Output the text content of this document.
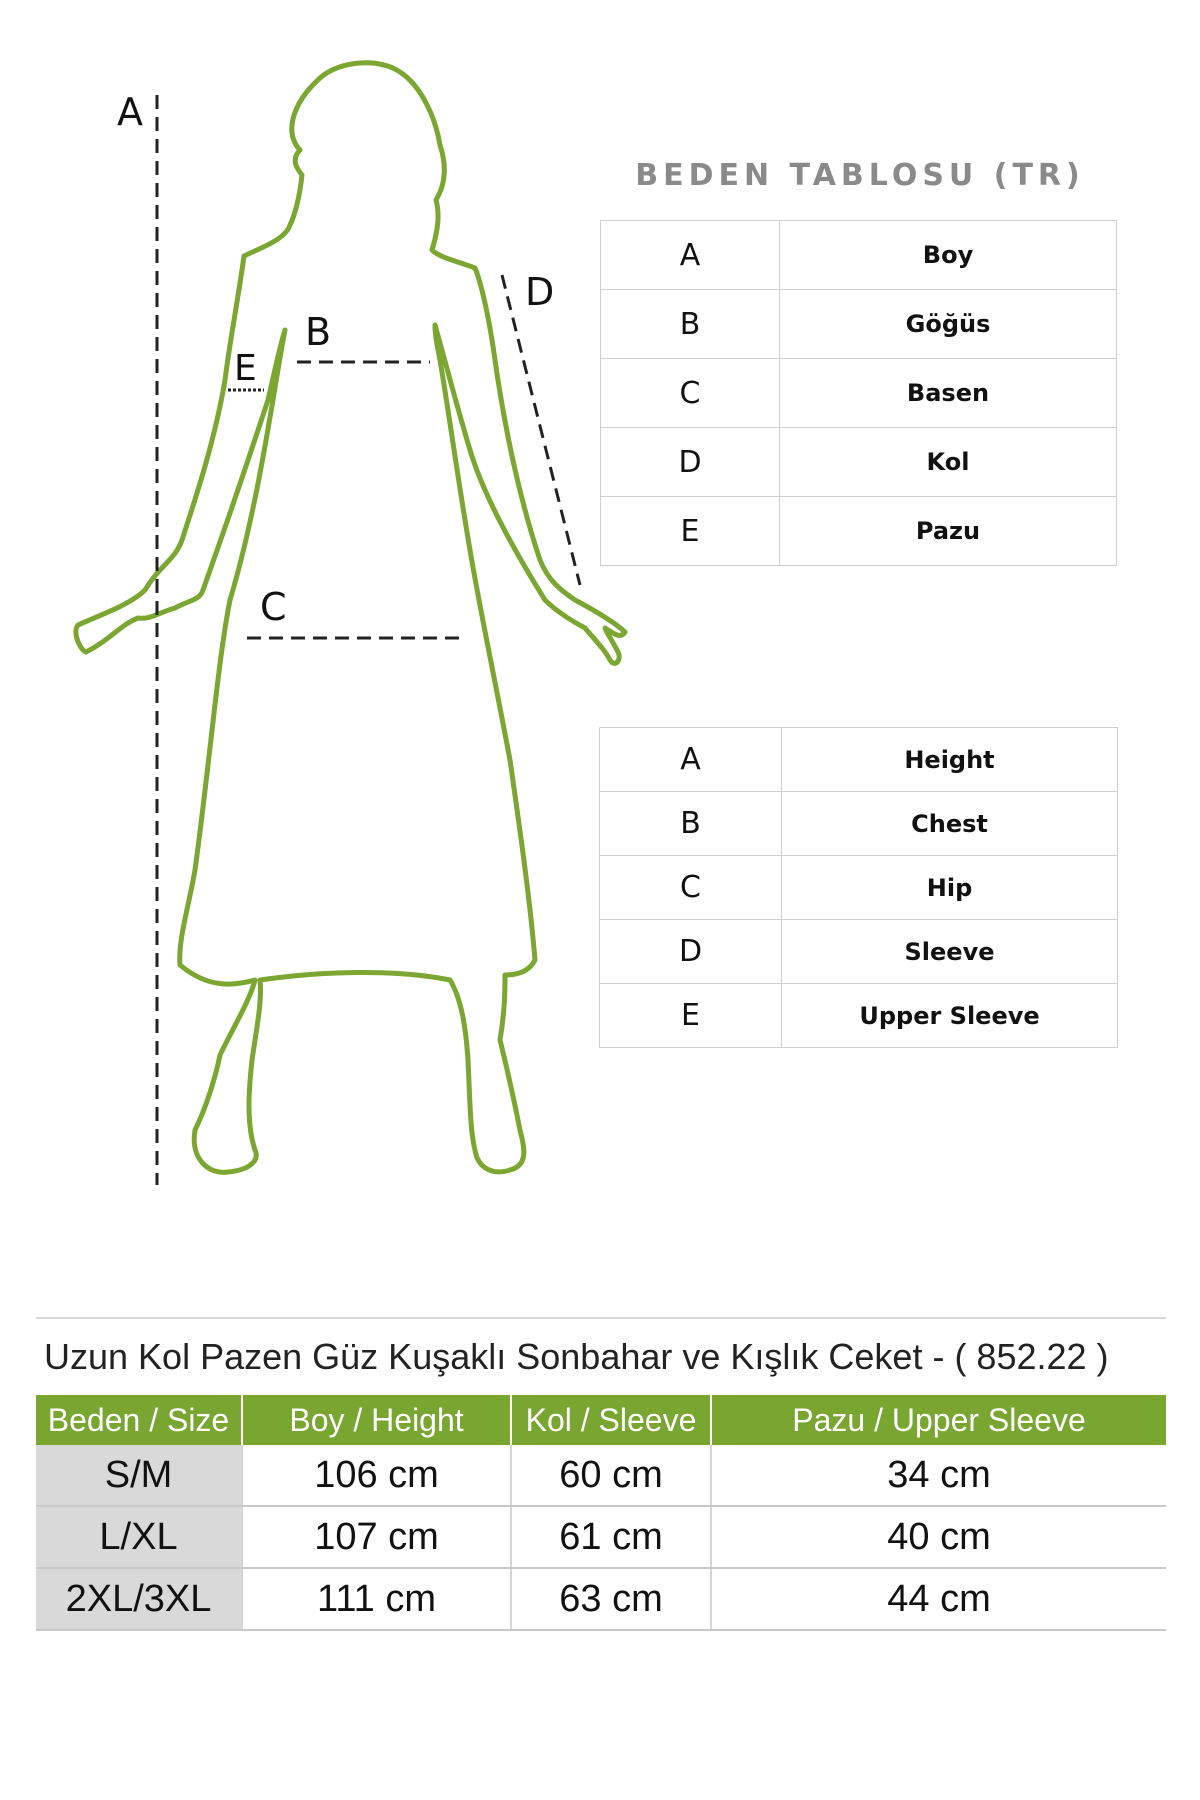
A
B
C
D
E
BEDEN TABLOSU (TR)
A	Boy
B	Göğüs
C	Basen
D	Kol
E	Pazu
A	Height
B	Chest
C	Hip
D	Sleeve
E	Upper Sleeve
Uzun Kol Pazen Güz Kuşaklı Sonbahar ve Kışlık Ceket - ( 852.22 )
Beden / Size	Boy / Height	Kol / Sleeve	Pazu / Upper Sleeve
S/M	106 cm	60 cm	34 cm
L/XL	107 cm	61 cm	40 cm
2XL/3XL	111 cm	63 cm	44 cm
